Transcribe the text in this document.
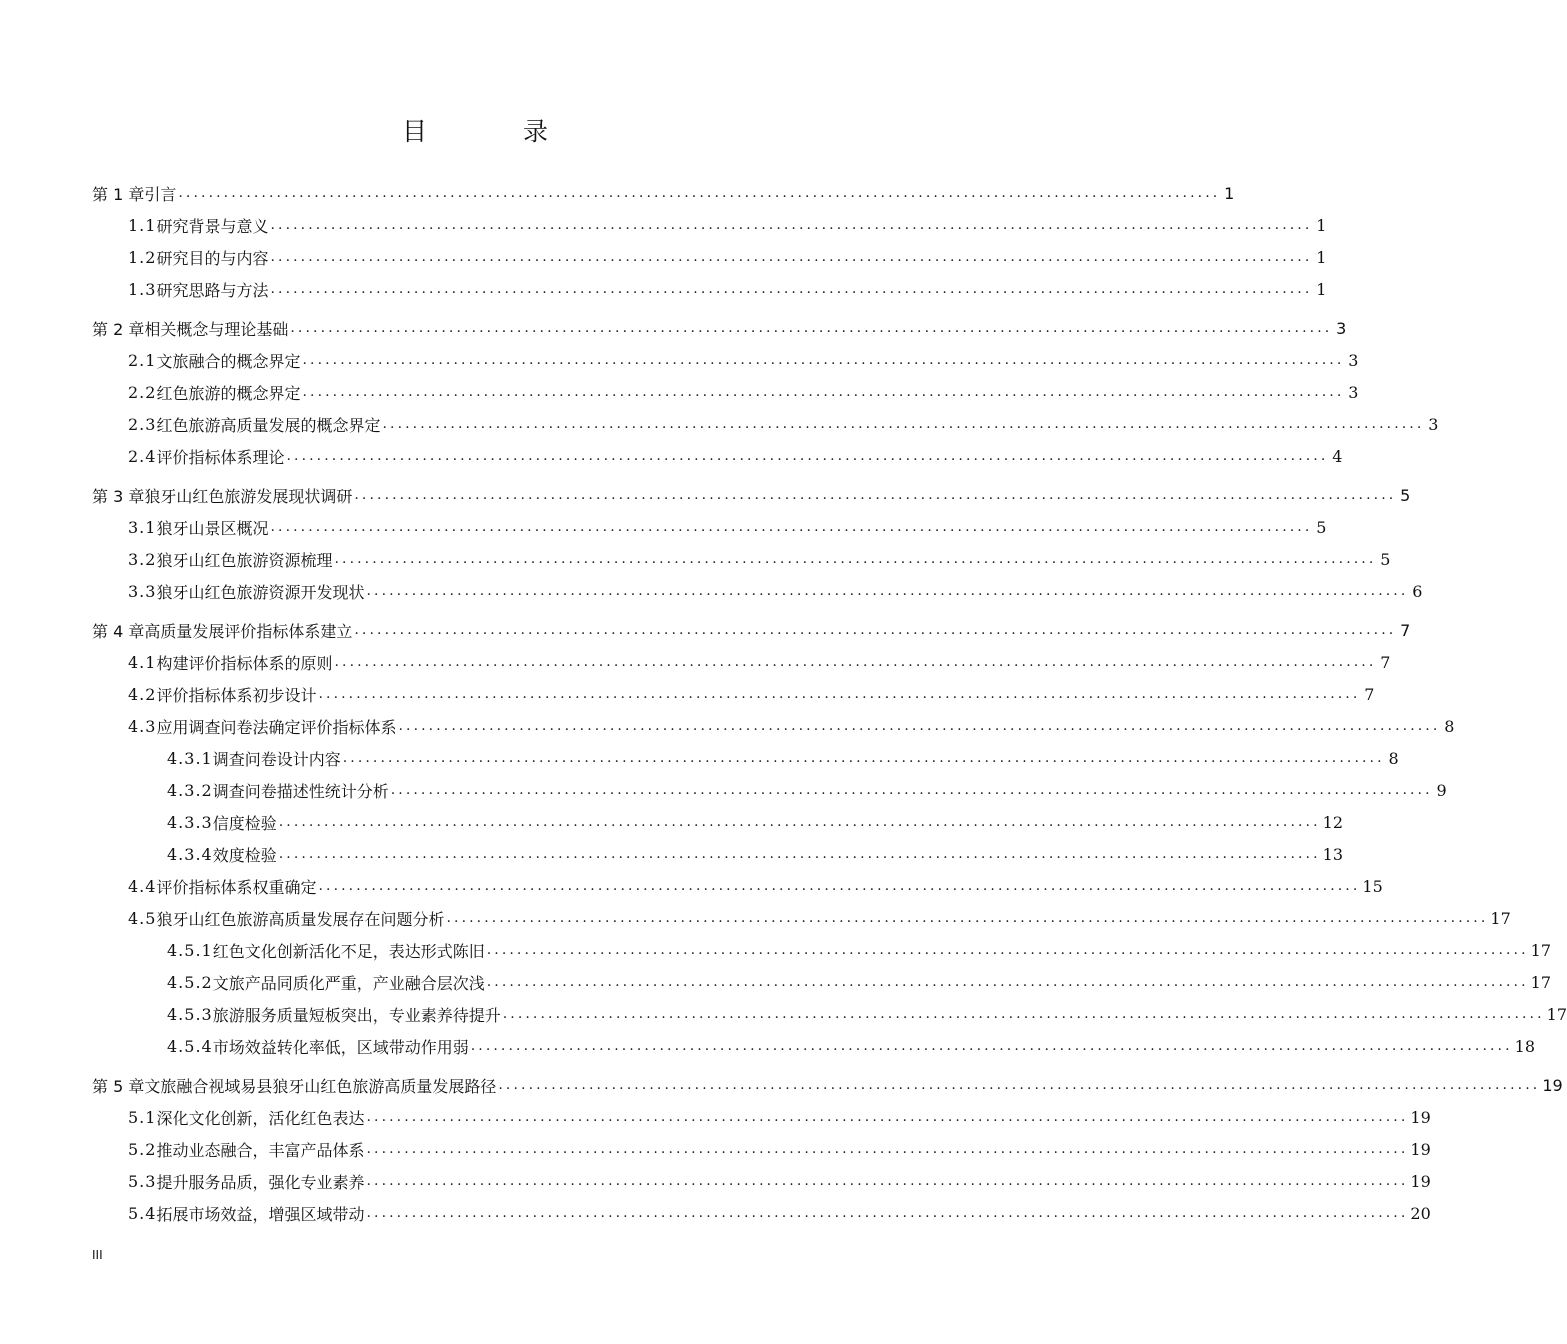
目 录
第 1 章 引言 .......................................................................................................................................... 1
1.1 研究背景与意义 .......................................................................................................................................... 1
1.2 研究目的与内容 .......................................................................................................................................... 1
1.3 研究思路与方法 .......................................................................................................................................... 1
第 2 章 相关概念与理论基础 .......................................................................................................................................... 3
2.1 文旅融合的概念界定 .......................................................................................................................................... 3
2.2 红色旅游的概念界定 .......................................................................................................................................... 3
2.3 红色旅游高质量发展的概念界定 .......................................................................................................................................... 3
2.4 评价指标体系理论 .......................................................................................................................................... 4
第 3 章 狼牙山红色旅游发展现状调研 .......................................................................................................................................... 5
3.1 狼牙山景区概况 .......................................................................................................................................... 5
3.2 狼牙山红色旅游资源梳理 .......................................................................................................................................... 5
3.3 狼牙山红色旅游资源开发现状 .......................................................................................................................................... 6
第 4 章 高质量发展评价指标体系建立 .......................................................................................................................................... 7
4.1 构建评价指标体系的原则 .......................................................................................................................................... 7
4.2 评价指标体系初步设计 .......................................................................................................................................... 7
4.3 应用调查问卷法确定评价指标体系 .......................................................................................................................................... 8
4.3.1 调查问卷设计内容 .......................................................................................................................................... 8
4.3.2 调查问卷描述性统计分析 .......................................................................................................................................... 9
4.3.3 信度检验 .......................................................................................................................................... 12
4.3.4 效度检验 .......................................................................................................................................... 13
4.4 评价指标体系权重确定 .......................................................................................................................................... 15
4.5 狼牙山红色旅游高质量发展存在问题分析 .......................................................................................................................................... 17
4.5.1 红色文化创新活化不足，表达形式陈旧 .......................................................................................................................................... 17
4.5.2 文旅产品同质化严重，产业融合层次浅 .......................................................................................................................................... 17
4.5.3 旅游服务质量短板突出，专业素养待提升 .......................................................................................................................................... 17
4.5.4 市场效益转化率低，区域带动作用弱 .......................................................................................................................................... 18
第 5 章 文旅融合视域易县狼牙山红色旅游高质量发展路径 .......................................................................................................................................... 19
5.1 深化文化创新，活化红色表达 .......................................................................................................................................... 19
5.2 推动业态融合，丰富产品体系 .......................................................................................................................................... 19
5.3 提升服务品质，强化专业素养 .......................................................................................................................................... 19
5.4 拓展市场效益，增强区域带动 .......................................................................................................................................... 20
III
